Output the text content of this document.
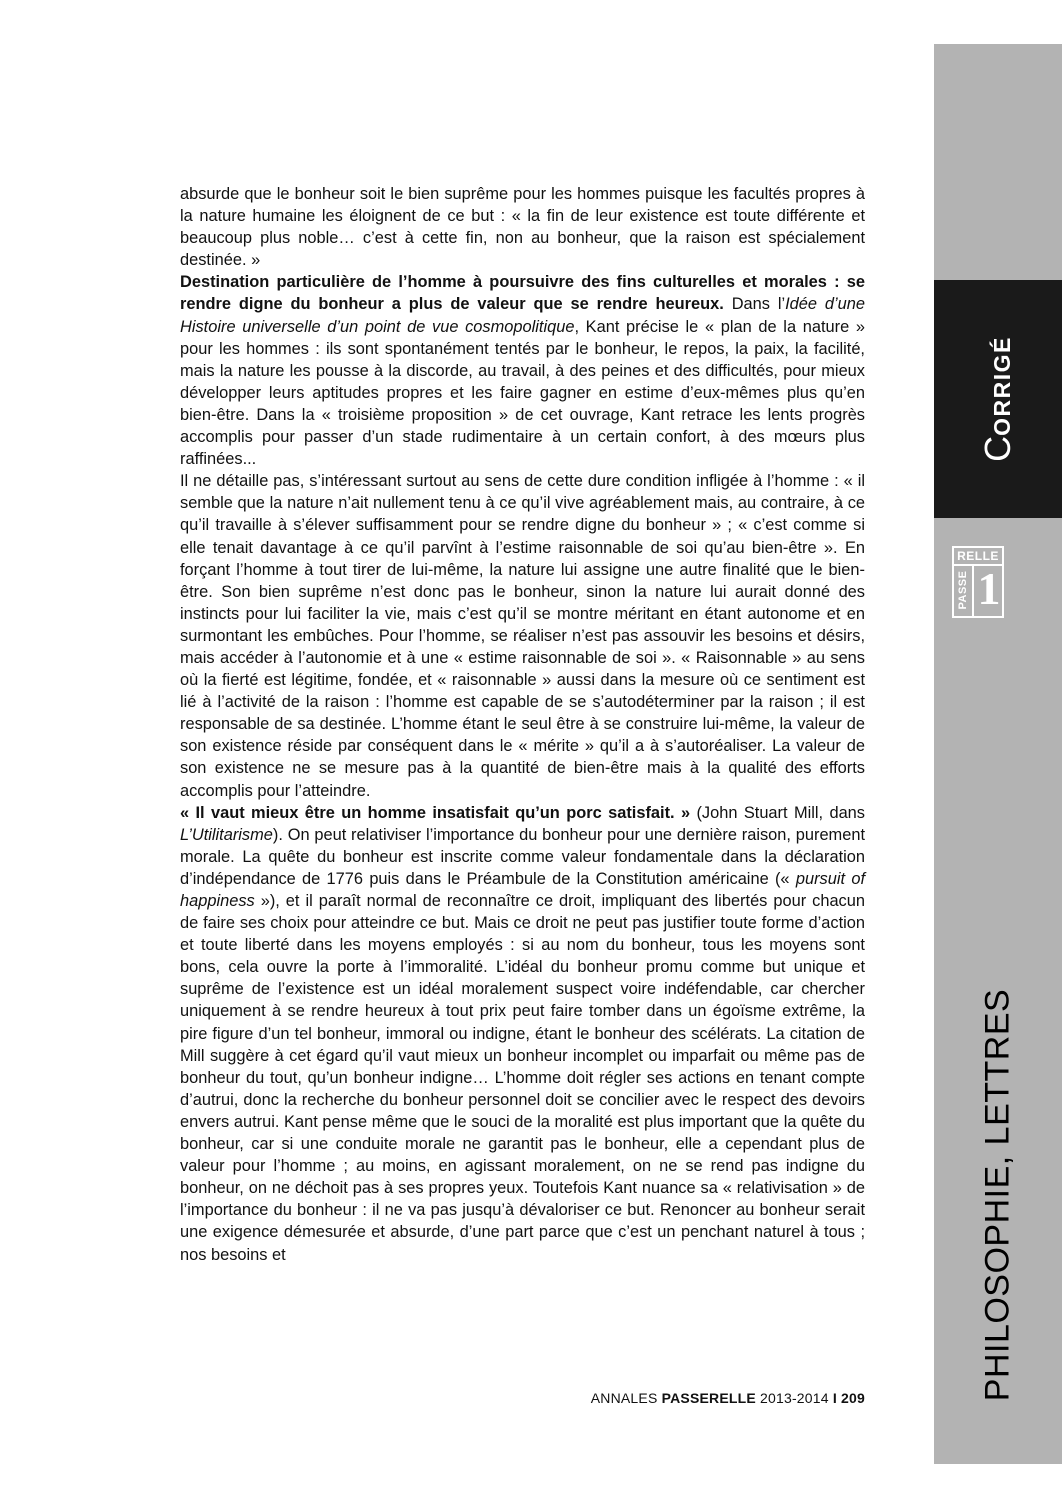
absurde que le bonheur soit le bien suprême pour les hommes puisque les facultés propres à la nature humaine les éloignent de ce but : « la fin de leur existence est toute différente et beaucoup plus noble… c’est à cette fin, non au bonheur, que la raison est spécialement destinée. »

Destination particulière de l’homme à poursuivre des fins culturelles et morales : se rendre digne du bonheur a plus de valeur que se rendre heureux. Dans l’Idée d’une Histoire universelle d’un point de vue cosmopolitique, Kant précise le « plan de la nature » pour les hommes : ils sont spontanément tentés par le bonheur, le repos, la paix, la facilité, mais la nature les pousse à la discorde, au travail, à des peines et des difficultés, pour mieux développer leurs aptitudes propres et les faire gagner en estime d’eux-mêmes plus qu’en bien-être. Dans la « troisième proposition » de cet ouvrage, Kant retrace les lents progrès accomplis pour passer d’un stade rudimentaire à un certain confort, à des mœurs plus raffinées...

Il ne détaille pas, s’intéressant surtout au sens de cette dure condition infligée à l’homme : « il semble que la nature n’ait nullement tenu à ce qu’il vive agréablement mais, au contraire, à ce qu’il travaille à s’élever suffisamment pour se rendre digne du bonheur » ; « c’est comme si elle tenait davantage à ce qu’il parvînt à l’estime raisonnable de soi qu’au bien-être ». En forçant l’homme à tout tirer de lui-même, la nature lui assigne une autre finalité que le bien-être. Son bien suprême n’est donc pas le bonheur, sinon la nature lui aurait donné des instincts pour lui faciliter la vie, mais c’est qu’il se montre méritant en étant autonome et en surmontant les embûches. Pour l’homme, se réaliser n’est pas assouvir les besoins et désirs, mais accéder à l’autonomie et à une « estime raisonnable de soi ». « Raisonnable » au sens où la fierté est légitime, fondée, et « raisonnable » aussi dans la mesure où ce sentiment est lié à l’activité de la raison : l’homme est capable de se s’autodéterminer par la raison ; il est responsable de sa destinée. L’homme étant le seul être à se construire lui-même, la valeur de son existence réside par conséquent dans le « mérite » qu’il a à s’autoréaliser. La valeur de son existence ne se mesure pas à la quantité de bien-être mais à la qualité des efforts accomplis pour l’atteindre.

« Il vaut mieux être un homme insatisfait qu’un porc satisfait. » (John Stuart Mill, dans L’Utilitarisme). On peut relativiser l’importance du bonheur pour une dernière raison, purement morale. La quête du bonheur est inscrite comme valeur fondamentale dans la déclaration d’indépendance de 1776 puis dans le Préambule de la Constitution américaine (« pursuit of happiness »), et il paraît normal de reconnaître ce droit, impliquant des libertés pour chacun de faire ses choix pour atteindre ce but. Mais ce droit ne peut pas justifier toute forme d’action et toute liberté dans les moyens employés : si au nom du bonheur, tous les moyens sont bons, cela ouvre la porte à l’immoralité. L’idéal du bonheur promu comme but unique et suprême de l’existence est un idéal moralement suspect voire indéfendable, car chercher uniquement à se rendre heureux à tout prix peut faire tomber dans un égoïsme extrême, la pire figure d’un tel bonheur, immoral ou indigne, étant le bonheur des scélérats. La citation de Mill suggère à cet égard qu’il vaut mieux un bonheur incomplet ou imparfait ou même pas de bonheur du tout, qu’un bonheur indigne… L’homme doit régler ses actions en tenant compte d’autrui, donc la recherche du bonheur personnel doit se concilier avec le respect des devoirs envers autrui. Kant pense même que le souci de la moralité est plus important que la quête du bonheur, car si une conduite morale ne garantit pas le bonheur, elle a cependant plus de valeur pour l’homme ; au moins, en agissant moralement, on ne se rend pas indigne du bonheur, on ne déchoit pas à ses propres yeux. Toutefois Kant nuance sa « relativisation » de l’importance du bonheur : il ne va pas jusqu’à dévaloriser ce but. Renoncer au bonheur serait une exigence démesurée et absurde, d’une part parce que c’est un penchant naturel à tous ; nos besoins et

ANNALES PASSERELLE 2013-2014 I 209
CORRIGÉ
RELLE
PASSE 1
PHILOSOPHIE, LETTRES
